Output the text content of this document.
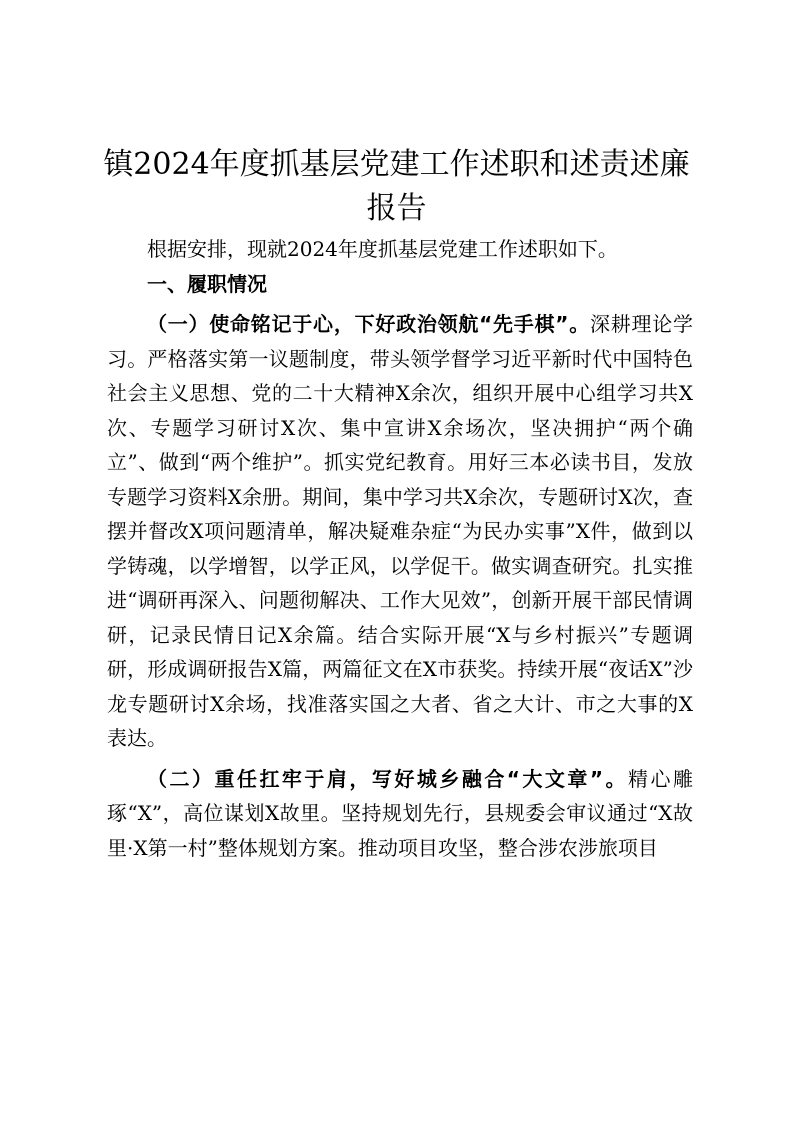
镇2024年度抓基层党建工作述职和述责述廉报告

根据安排，现就2024年度抓基层党建工作述职如下。

一、履职情况

（一）使命铭记于心，下好政治领航“先手棋”。深耕理论学习。严格落实第一议题制度，带头领学督学习近平新时代中国特色社会主义思想、党的二十大精神X余次，组织开展中心组学习共X次、专题学习研讨X次、集中宣讲X余场次，坚决拥护“两个确立”、做到“两个维护”。抓实党纪教育。用好三本必读书目，发放专题学习资料X余册。期间，集中学习共X余次，专题研讨X次，查摆并督改X项问题清单，解决疑难杂症“为民办实事”X件，做到以学铸魂，以学增智，以学正风，以学促干。做实调查研究。扎实推进“调研再深入、问题彻解决、工作大见效”，创新开展干部民情调研，记录民情日记X余篇。结合实际开展“X与乡村振兴”专题调研，形成调研报告X篇，两篇征文在X市获奖。持续开展“夜话X”沙龙专题研讨X余场，找准落实国之大者、省之大计、市之大事的X表达。

（二）重任扛牢于肩，写好城乡融合“大文章”。精心雕琢“X”，高位谋划X故里。坚持规划先行，县规委会审议通过“X故里·X第一村”整体规划方案。推动项目攻坚，整合涉农涉旅项目
